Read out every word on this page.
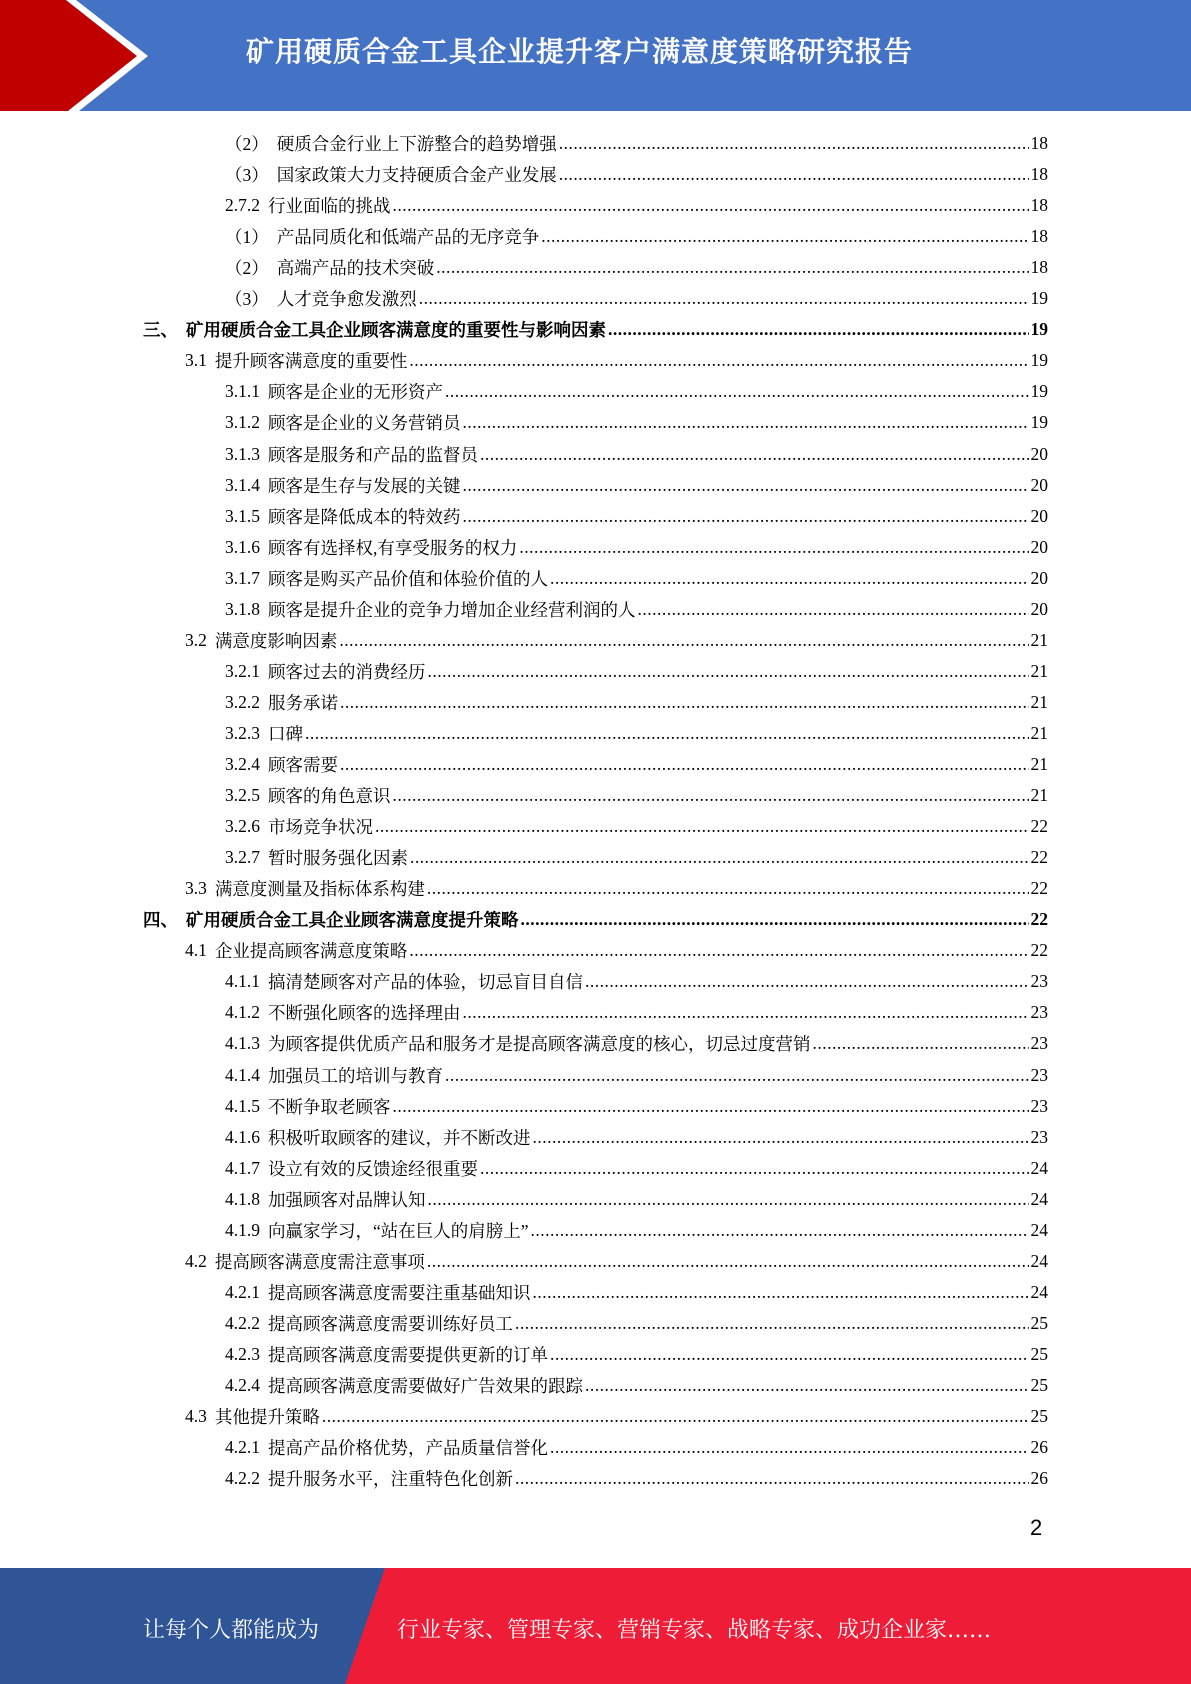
矿用硬质合金工具企业提升客户满意度策略研究报告
（2） 硬质合金行业上下游整合的趋势增强 .....	18
（3） 国家政策大力支持硬质合金产业发展 .....	18
2.7.2 行业面临的挑战 .....	18
（1） 产品同质化和低端产品的无序竞争 .....	18
（2） 高端产品的技术突破 .....	18
（3） 人才竞争愈发激烈 .....	19
三、 矿用硬质合金工具企业顾客满意度的重要性与影响因素 .....	19
3.1 提升顾客满意度的重要性 .....	19
3.1.1 顾客是企业的无形资产 .....	19
3.1.2 顾客是企业的义务营销员 .....	19
3.1.3 顾客是服务和产品的监督员 .....	20
3.1.4 顾客是生存与发展的关键 .....	20
3.1.5 顾客是降低成本的特效药 .....	20
3.1.6 顾客有选择权,有享受服务的权力 .....	20
3.1.7 顾客是购买产品价值和体验价值的人 .....	20
3.1.8 顾客是提升企业的竞争力增加企业经营利润的人 .....	20
3.2 满意度影响因素 .....	21
3.2.1 顾客过去的消费经历 .....	21
3.2.2 服务承诺 .....	21
3.2.3 口碑 .....	21
3.2.4 顾客需要 .....	21
3.2.5 顾客的角色意识 .....	21
3.2.6 市场竞争状况 .....	22
3.2.7 暂时服务强化因素 .....	22
3.3 满意度测量及指标体系构建 .....	22
四、 矿用硬质合金工具企业顾客满意度提升策略 .....	22
4.1 企业提高顾客满意度策略 .....	22
4.1.1 搞清楚顾客对产品的体验，切忌盲目自信 .....	23
4.1.2 不断强化顾客的选择理由 .....	23
4.1.3 为顾客提供优质产品和服务才是提高顾客满意度的核心，切忌过度营销 .....	23
4.1.4 加强员工的培训与教育 .....	23
4.1.5 不断争取老顾客 .....	23
4.1.6 积极听取顾客的建议，并不断改进 .....	23
4.1.7 设立有效的反馈途经很重要 .....	24
4.1.8 加强顾客对品牌认知 .....	24
4.1.9 向赢家学习，“站在巨人的肩膀上” .....	24
4.2 提高顾客满意度需注意事项 .....	24
4.2.1 提高顾客满意度需要注重基础知识 .....	24
4.2.2 提高顾客满意度需要训练好员工 .....	25
4.2.3 提高顾客满意度需要提供更新的订单 .....	25
4.2.4 提高顾客满意度需要做好广告效果的跟踪 .....	25
4.3 其他提升策略 .....	25
4.2.1 提高产品价格优势，产品质量信誉化 .....	26
4.2.2 提升服务水平，注重特色化创新 .....	26
2
让每个人都能成为	行业专家、管理专家、营销专家、战略专家、成功企业家……
